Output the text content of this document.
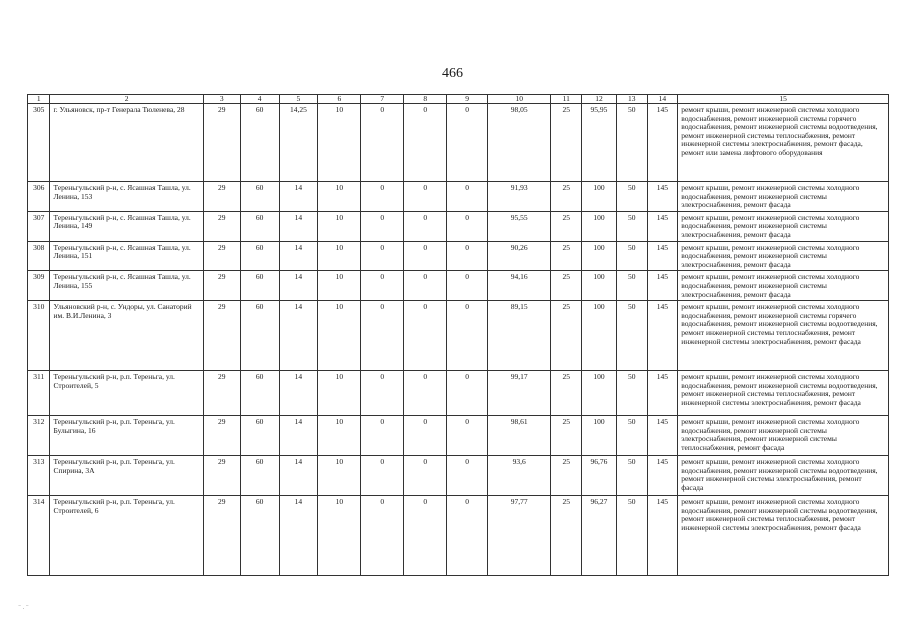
466
1	2	3	4	5	6	7	8	9	10	11	12	13	14	15
305	г. Ульяновск, пр-т Генерала Тюленева, 28	29	60	14,25	10	0	0	0	98,05	25	95,95	50	145	ремонт крыши, ремонт инженерной системы холодного водоснабжения, ремонт инженерной системы горячего водоснабжения, ремонт инженерной системы водоотведения, ремонт инженерной системы теплоснабжения, ремонт инженерной системы электроснабжения, ремонт фасада, ремонт или замена лифтового оборудования
306	Тереньгульский р-н, с. Ясашная Ташла, ул. Ленина, 153	29	60	14	10	0	0	0	91,93	25	100	50	145	ремонт крыши, ремонт инженерной системы холодного водоснабжения, ремонт инженерной системы электроснабжения, ремонт фасада
307	Тереньгульский р-н, с. Ясашная Ташла, ул. Ленина, 149	29	60	14	10	0	0	0	95,55	25	100	50	145	ремонт крыши, ремонт инженерной системы холодного водоснабжения, ремонт инженерной системы электроснабжения, ремонт фасада
308	Тереньгульский р-н, с. Ясашная Ташла, ул. Ленина, 151	29	60	14	10	0	0	0	90,26	25	100	50	145	ремонт крыши, ремонт инженерной системы холодного водоснабжения, ремонт инженерной системы электроснабжения, ремонт фасада
309	Тереньгульский р-н, с. Ясашная Ташла, ул. Ленина, 155	29	60	14	10	0	0	0	94,16	25	100	50	145	ремонт крыши, ремонт инженерной системы холодного водоснабжения, ремонт инженерной системы электроснабжения, ремонт фасада
310	Ульяновский р-н, с. Ундоры, ул. Санаторий им. В.И.Ленина, 3	29	60	14	10	0	0	0	89,15	25	100	50	145	ремонт крыши, ремонт инженерной системы холодного водоснабжения, ремонт инженерной системы горячего водоснабжения, ремонт инженерной системы водоотведения, ремонт инженерной системы теплоснабжения, ремонт инженерной системы электроснабжения, ремонт фасада
311	Тереньгульский р-н, р.п. Тереньга, ул. Строителей, 5	29	60	14	10	0	0	0	99,17	25	100	50	145	ремонт крыши, ремонт инженерной системы холодного водоснабжения, ремонт инженерной системы водоотведения, ремонт инженерной системы теплоснабжения, ремонт инженерной системы электроснабжения, ремонт фасада
312	Тереньгульский р-н, р.п. Тереньга, ул. Булыгина, 16	29	60	14	10	0	0	0	98,61	25	100	50	145	ремонт крыши, ремонт инженерной системы холодного водоснабжения, ремонт инженерной системы электроснабжения, ремонт инженерной системы теплоснабжения, ремонт фасада
313	Тереньгульский р-н, р.п. Тереньга, ул. Спирина, 3А	29	60	14	10	0	0	0	93,6	25	96,76	50	145	ремонт крыши, ремонт инженерной системы холодного водоснабжения, ремонт инженерной системы водоотведения, ремонт инженерной системы электроснабжения, ремонт фасада
314	Тереньгульский р-н, р.п. Тереньга, ул. Строителей, 6	29	60	14	10	0	0	0	97,77	25	96,27	50	145	ремонт крыши, ремонт инженерной системы холодного водоснабжения, ремонт инженерной системы водоотведения, ремонт инженерной системы теплоснабжения, ремонт инженерной системы электроснабжения, ремонт фасада
⁻ . ⁻
